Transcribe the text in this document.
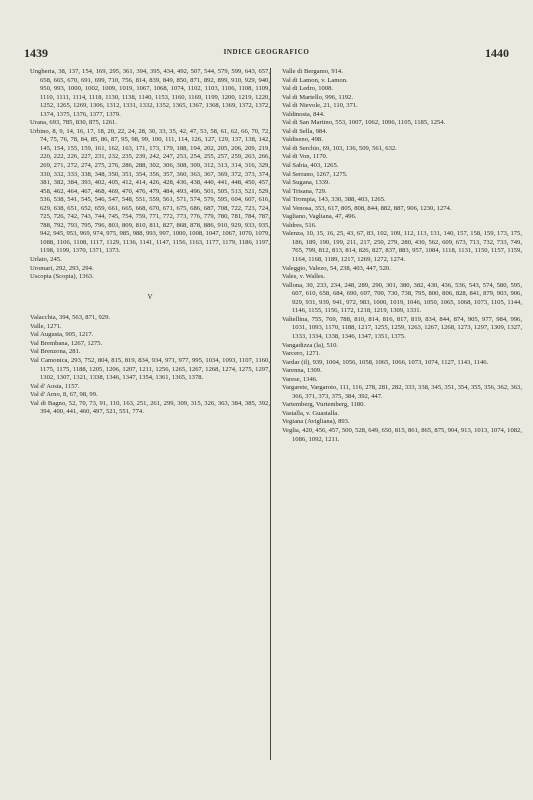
1439	INDICE GEOGRAFICO	1440

Ungheria, 38, 137, 154, 169, 295, 361, 394, 395, 434, 492, 507, 544, 579, 599, 643, 657, 658, 665, 670, 691, 699, 710, 756, 814, 839, 849, 850, 871, 892, 899, 910, 929, 940, 950, 993, 1000, 1002, 1009, 1019, 1067, 1068, 1074, 1102, 1103, 1106, 1108, 1109, 1110, 1111, 1114, 1118, 1130, 1138, 1140, 1153, 1160, 1169, 1199, 1200, 1219, 1220, 1252, 1265, 1269, 1306, 1312, 1331, 1332, 1352, 1365, 1367, 1368, 1369, 1372, 1372, 1374, 1375, 1376, 1377, 1379.

Urana, 693, 785, 830, 875, 1261.

Urbino, 8, 9, 14, 16, 17, 18, 20, 22, 24, 28, 30, 33, 35, 42, 47, 53, 58, 61, 62, 66, 70, 72, 74, 75, 76, 78, 84, 85, 86, 87, 95, 98, 99, 100, 111, 114, 126, 127, 129, 137, 138, 142, 145, 154, 155, 159, 161, 162, 163, 171, 173, 179, 188, 194, 202, 205, 206, 209, 219, 220, 222, 226, 227, 231, 232, 235, 239, 242, 247, 253, 254, 255, 257, 259, 263, 266, 269, 271, 272, 274, 275, 276, 286, 288, 302, 306, 308, 309, 312, 313, 314, 316, 329, 330, 332, 333, 338, 348, 350, 351, 354, 356, 357, 360, 363, 367, 369, 372, 373, 374, 381, 382, 384, 393, 402, 405, 412, 414, 426, 428, 436, 438, 440, 441, 448, 450, 457, 458, 462, 464, 467, 468, 469, 470, 476, 479, 484, 493, 496, 501, 505, 513, 521, 529, 536, 538, 541, 545, 546, 547, 548, 551, 559, 561, 571, 574, 579, 595, 604, 607, 616, 629, 638, 651, 652, 659, 661, 665, 668, 670, 671, 675, 686, 687, 708, 722, 723, 724, 725, 726, 742, 743, 744, 745, 754, 759, 771, 772, 773, 776, 779, 780, 781, 784, 787, 788, 792, 793, 795, 796, 803, 809, 810, 811, 827, 868, 878, 886, 910, 929, 933, 935, 942, 945, 953, 969, 974, 975, 985, 988, 993, 997, 1000, 1008, 1047, 1067, 1070, 1079, 1088, 1106, 1108, 1117, 1129, 1136, 1141, 1147, 1156, 1163, 1177, 1179, 1186, 1197, 1198, 1199, 1370, 1371, 1373.

Urlato, 245.

Uromari, 292, 293, 294.

Uscopia (Scopia), 1363.

V

Valacchia, 394, 563, 871, 929.

Valle, 1271.

Val Augusta, 905, 1217.

Val Brembana, 1267, 1275.

Val Brenzona, 281.

Val Camonica, 293, 752, 804, 815, 819, 834, 934, 971, 977, 995, 1034, 1093, 1107, 1160, 1175, 1175, 1188, 1205, 1206, 1207, 1211, 1256, 1265, 1267, 1268, 1274, 1275, 1297, 1302, 1307, 1321, 1338, 1346, 1347, 1354, 1361, 1365, 1378.

Val d' Aosta, 1157.

Val d' Arno, 8, 67, 98, 99.

Val di Bagno, 52, 70, 73, 91, 110, 163, 251, 261, 299, 309, 315, 326, 363, 384, 385, 392, 394, 400, 441, 460, 497, 521, 551, 774.

Valle di Bergamo, 914.

Val di Lamon, v. Lamon.

Val di Ledro, 1008.

Val di Martello, 996, 1192.

Val di Nievole, 21, 110, 371.

Valdinosta, 844.

Val di San Martino, 553, 1007, 1062, 1096, 1105, 1185, 1254.

Val di Sella, 984.

Valdiseno, 498.

Val di Serchio, 69, 103, 136, 509, 561, 632.

Val di Von, 1170.

Val Sabia, 403, 1265.

Val Serrano, 1267, 1275.

Val Sugana, 1339.

Val Trisana, 729.

Val Trompia, 143, 330, 388, 403, 1265.

Val Venosa, 353, 617, 805, 808, 844, 882, 887, 906, 1230, 1274.

Vagliano, Vagliana, 47, 496.

Valdres, 516.

Valenza, 10, 15, 16, 25, 43, 67, 83, 102, 109, 112, 113, 131, 140, 157, 158, 159, 173, 175, 186, 189, 190, 199, 211, 217, 250, 279, 280, 430, 562, 609, 673, 713, 732, 733, 749, 765, 799, 812, 813, 814, 826, 827, 837, 883, 957, 1084, 1118, 1131, 1150, 1157, 1159, 1164, 1168, 1189, 1217, 1269, 1272, 1274.

Valeggio, Valezo, 54, 238, 403, 447, 520.

Vales, v. Walles.

Vallona, 30, 233, 234, 248, 289, 290, 301, 380, 382, 430, 436, 536, 543, 574, 580, 595, 607, 610, 658, 684, 690, 697, 700, 730, 738, 795, 800, 806, 828, 841, 879, 903, 906, 929, 931, 939, 941, 972, 983, 1000, 1019, 1046, 1050, 1065, 1068, 1073, 1105, 1144, 1146, 1155, 1156, 1172, 1218, 1219, 1309, 1331.

Valtellina, 755, 769, 788, 810, 814, 816, 817, 819, 834, 844, 874, 905, 977, 984, 996, 1031, 1093, 1170, 1188, 1217, 1255, 1259, 1263, 1267, 1268, 1273, 1297, 1309, 1327, 1333, 1334, 1338, 1346, 1347, 1351, 1375.

Vangadizza (la), 510.

Varcero, 1271.

Vardar (il), 939, 1004, 1056, 1058, 1065, 1066, 1073, 1074, 1127, 1143, 1146.

Varenna, 1309.

Varese, 1346.

Vargarete, Vargaroto, 111, 116, 278, 281, 282, 333, 338, 345, 351, 354, 355, 356, 362, 363, 366, 371, 373, 375, 384, 392, 447.

Vartemberg, Vurtemberg, 1180.

Vastalla, v. Guastalla.

Vegiana (Avigliana), 893.

Veglia, 420, 456, 457, 500, 528, 649, 650, 815, 861, 865, 875, 904, 913, 1013, 1074, 1082, 1086, 1092, 1211.
